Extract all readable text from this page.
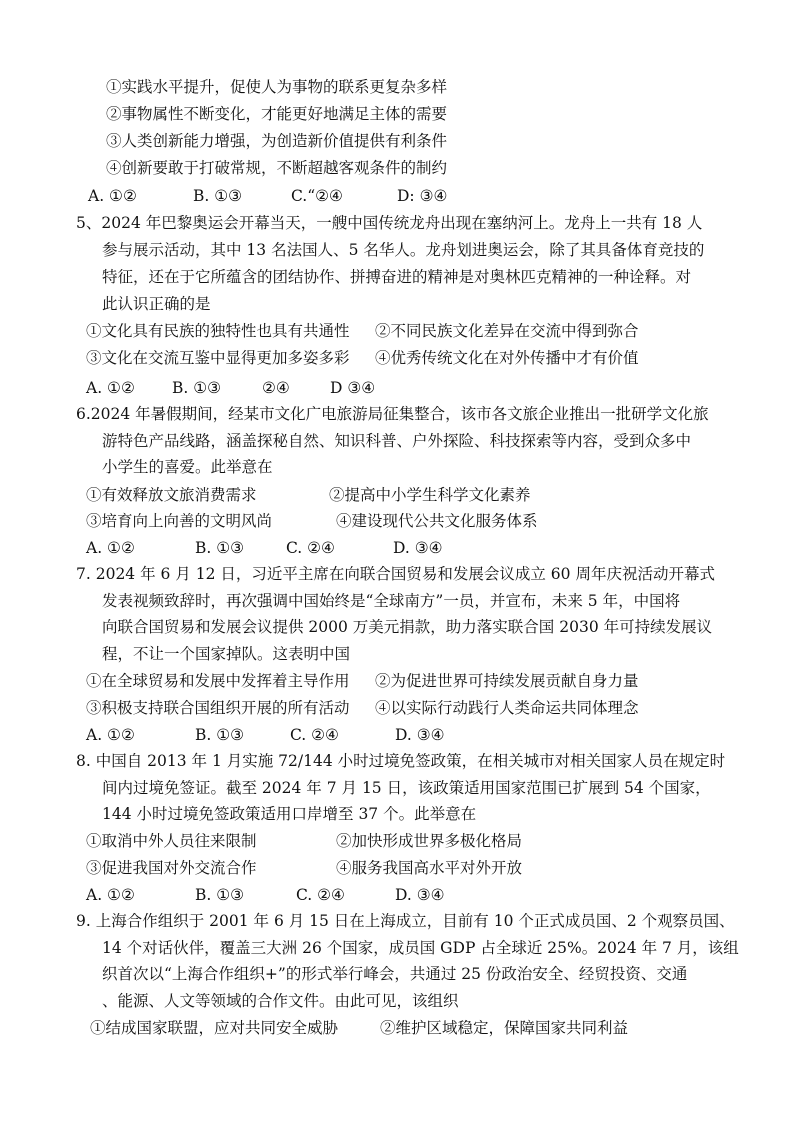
①实践水平提升，促使人为事物的联系更复杂多样
②事物属性不断变化，才能更好地满足主体的需要
③人类创新能力增强，为创造新价值提供有利条件
④创新要敢于打破常规，不断超越客观条件的制约
A. ①②	B. ①③	C.“②④	D: ③④
5、2024 年巴黎奥运会开幕当天，一艘中国传统龙舟出现在塞纳河上。龙舟上一共有 18 人
参与展示活动，其中 13 名法国人、5 名华人。龙舟划进奥运会，除了其具备体育竞技的
特征，还在于它所蕴含的团结协作、拼搏奋进的精神是对奥林匹克精神的一种诠释。对
此认识正确的是
①文化具有民族的独特性也具有共通性 ②不同民族文化差异在交流中得到弥合
③文化在交流互鉴中显得更加多姿多彩 ④优秀传统文化在对外传播中才有价值
A. ①② B. ①③	②④	D ③④
6.2024 年暑假期间，经某市文化广电旅游局征集整合，该市各文旅企业推出一批研学文化旅
游特色产品线路，涵盖探秘自然、知识科普、户外探险、科技探索等内容，受到众多中
小学生的喜爱。此举意在
①有效释放文旅消费需求	②提高中小学生科学文化素养
③培育向上向善的文明风尚	④建设现代公共文化服务体系
A. ①②	B. ①③	C. ②④	D. ③④
7. 2024 年 6 月 12 日，习近平主席在向联合国贸易和发展会议成立 60 周年庆祝活动开幕式
发表视频致辞时，再次强调中国始终是“全球南方”一员，并宣布，未来 5 年，中国将
向联合国贸易和发展会议提供 2000 万美元捐款，助力落实联合国 2030 年可持续发展议
程，不让一个国家掉队。这表明中国
①在全球贸易和发展中发挥着主导作用 ②为促进世界可持续发展贡献自身力量
③积极支持联合国组织开展的所有活动 ④以实际行动践行人类命运共同体理念
A. ①②	B. ①③	C. ②④	D. ③④
8. 中国自 2013 年 1 月实施 72/144 小时过境免签政策，在相关城市对相关国家人员在规定时
间内过境免签证。截至 2024 年 7 月 15 日，该政策适用国家范围已扩展到 54 个国家，
144 小时过境免签政策适用口岸增至 37 个。此举意在
①取消中外人员往来限制	②加快形成世界多极化格局
③促进我国对外交流合作	④服务我国高水平对外开放
A. ①②	B. ①③	C. ②④	D. ③④
9. 上海合作组织于 2001 年 6 月 15 日在上海成立，目前有 10 个正式成员国、2 个观察员国、
14 个对话伙伴，覆盖三大洲 26 个国家，成员国 GDP 占全球近 25%。2024 年 7 月，该组
织首次以“上海合作组织+”的形式举行峰会，共通过 25 份政治安全、经贸投资、交通
、能源、人文等领域的合作文件。由此可见，该组织
①结成国家联盟，应对共同安全威胁	②维护区域稳定，保障国家共同利益
